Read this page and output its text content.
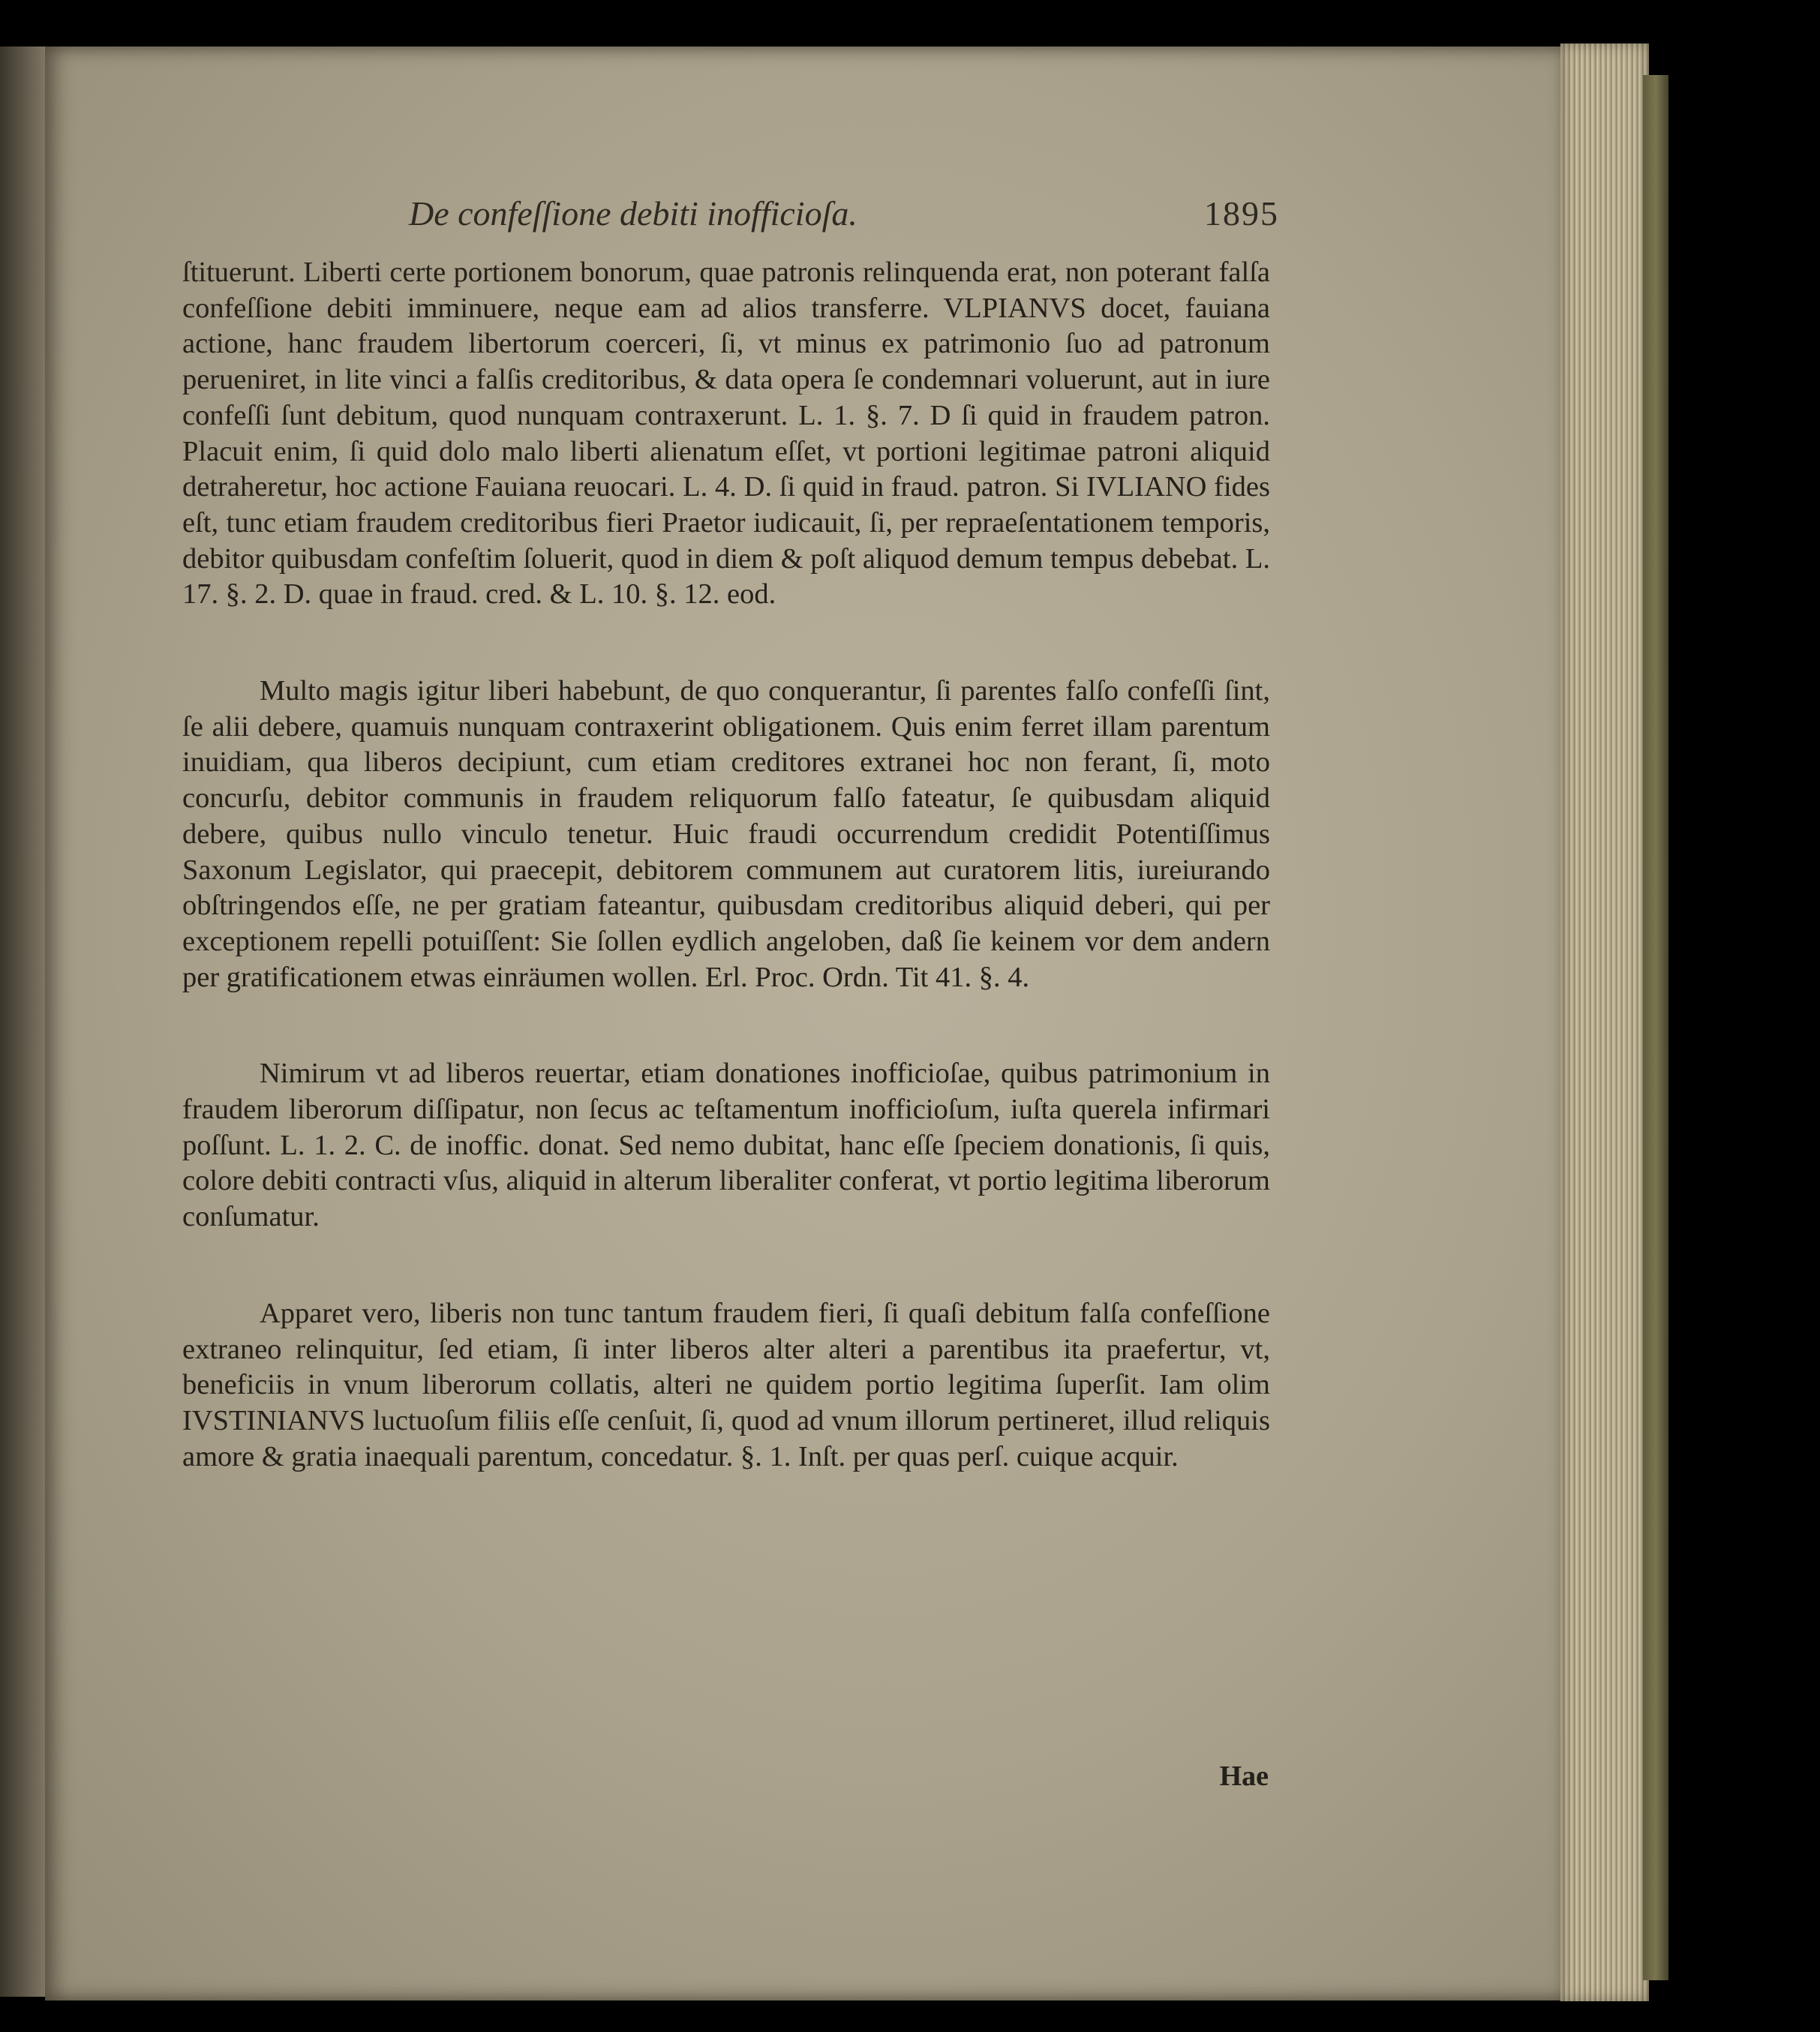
De confeſſione debiti inofficioſa.	1895

ſtituerunt. Liberti certe portionem bonorum, quae patronis relinquenda erat, non poterant falſa confeſſione debiti imminuere, neque eam ad alios transferre. VLPIANVS docet, fauiana actione, hanc fraudem libertorum coerceri, ſi, vt minus ex patrimonio ſuo ad patronum perueniret, in lite vinci a falſis creditoribus, & data opera ſe condemnari voluerunt, aut in iure confeſſi ſunt debitum, quod nunquam contraxerunt. L. 1. §. 7. D ſi quid in fraudem patron. Placuit enim, ſi quid dolo malo liberti alienatum eſſet, vt portioni legitimae patroni aliquid detraheretur, hoc actione Fauiana reuocari. L. 4. D. ſi quid in fraud. patron. Si IVLIANO fides eſt, tunc etiam fraudem creditoribus fieri Praetor iudicauit, ſi, per repraeſentationem temporis, debitor quibusdam confeſtim ſoluerit, quod in diem & poſt aliquod demum tempus debebat. L. 17. §. 2. D. quae in fraud. cred. & L. 10. §. 12. eod.

Multo magis igitur liberi habebunt, de quo conquerantur, ſi parentes falſo confeſſi ſint, ſe alii debere, quamuis nunquam contraxerint obligationem. Quis enim ferret illam parentum inuidiam, qua liberos decipiunt, cum etiam creditores extranei hoc non ferant, ſi, moto concurſu, debitor communis in fraudem reliquorum falſo fateatur, ſe quibusdam aliquid debere, quibus nullo vinculo tenetur. Huic fraudi occurrendum credidit Potentiſſimus Saxonum Legislator, qui praecepit, debitorem communem aut curatorem litis, iureiurando obſtringendos eſſe, ne per gratiam fateantur, quibusdam creditoribus aliquid deberi, qui per exceptionem repelli potuiſſent: Sie ſollen eydlich angeloben, daß ſie keinem vor dem andern per gratificationem etwas einräumen wollen. Erl. Proc. Ordn. Tit 41. §. 4.

Nimirum vt ad liberos reuertar, etiam donationes inofficioſae, quibus patrimonium in fraudem liberorum diſſipatur, non ſecus ac teſtamentum inofficioſum, iuſta querela infirmari poſſunt. L. 1. 2. C. de inoffic. donat. Sed nemo dubitat, hanc eſſe ſpeciem donationis, ſi quis, colore debiti contracti vſus, aliquid in alterum liberaliter conferat, vt portio legitima liberorum conſumatur.

Apparet vero, liberis non tunc tantum fraudem fieri, ſi quaſi debitum falſa confeſſione extraneo relinquitur, ſed etiam, ſi inter liberos alter alteri a parentibus ita praefertur, vt, beneficiis in vnum liberorum collatis, alteri ne quidem portio legitima ſuperſit. Iam olim IVSTINIANVS luctuoſum filiis eſſe cenſuit, ſi, quod ad vnum illorum pertineret, illud reliquis amore & gratia inaequali parentum, concedatur. §. 1. Inſt. per quas perſ. cuique acquir.

Hae
